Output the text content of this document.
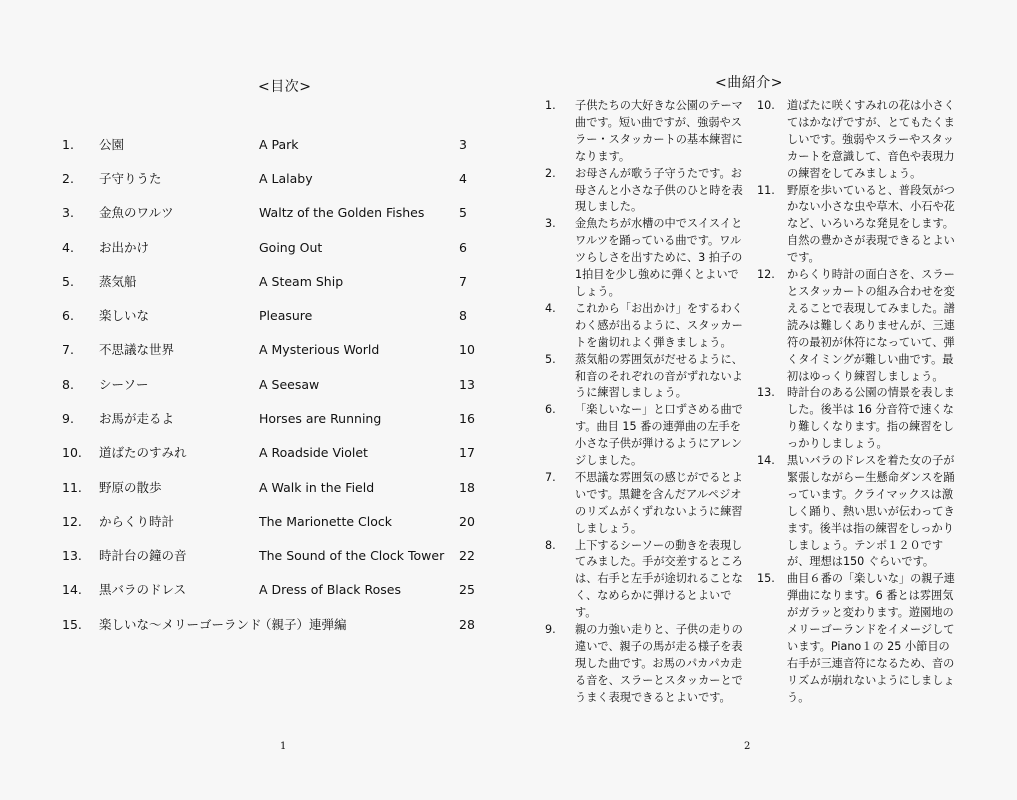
<目次>
1. 公園	A Park	3
2. 子守りうた	A Lalaby	4
3. 金魚のワルツ	Waltz of the Golden Fishes	5
4. お出かけ	Going Out	6
5. 蒸気船	A Steam Ship	7
6. 楽しいな	Pleasure	8
7. 不思議な世界	A Mysterious World	10
8. シーソー	A Seesaw	13
9. お馬が走るよ	Horses are Running	16
10. 道ばたのすみれ	A Roadside Violet	17
11. 野原の散歩	A Walk in the Field	18
12. からくり時計	The Marionette Clock	20
13. 時計台の鐘の音	The Sound of the Clock Tower 22
14. 黒バラのドレス	A Dress of Black Roses	25
15. 楽しいな～メリーゴーランド
（親子）連弾編	28
1
<曲紹介>
2
1. 子供たちの大好きな公園のテーマ曲です。短い曲ですが、強弱やスラー・スタッカートの基本練習になります。
2. お母さんが歌う子守うたです。お母さんと小さな子供のひと時を表現しました。
3. 金魚たちが水槽の中でスイスイとワルツを踊っている曲です。ワルツらしさを出すために、3 拍子の1拍目を少し強めに弾くとよいでしょう。
4. これから「お出かけ」をするわくわく感が出るように、スタッカートを歯切れよく弾きましょう。
5. 蒸気船の雰囲気がだせるように、和音のそれぞれの音がずれないように練習しましょう。
6. 「楽しいなー」と口ずさめる曲です。曲目 15 番の連弾曲の左手を小さな子供が弾けるようにアレンジしました。
7. 不思議な雰囲気の感じがでるとよいです。黒鍵を含んだアルペジオのリズムがくずれないように練習しましょう。
8. 上下するシーソーの動きを表現してみました。手が交差するところは、右手と左手が途切れることなく、なめらかに弾けるとよいです。
9. 親の力強い走りと、子供の走りの違いで、親子の馬が走る様子を表現した曲です。お馬のパカパカ走る音を、スラーとスタッカーとでうまく表現できるとよいです。
10. 道ばたに咲くすみれの花は小さくてはかなげですが、とてもたくましいです。強弱やスラーやスタッカートを意識して、音色や表現力の練習をしてみましょう。
11. 野原を歩いていると、普段気がつかない小さな虫や草木、小石や花など、いろいろな発見をします。自然の豊かさが表現できるとよいです。
12. からくり時計の面白さを、スラーとスタッカートの組み合わせを変えることで表現してみました。譜読みは難しくありませんが、三連符の最初が休符になっていて、弾くタイミングが難しい曲です。最初はゆっくり練習しましょう。
13. 時計台のある公園の情景を表しました。後半は 16 分音符で速くなり難しくなります。指の練習をしっかりしましょう。
14. 黒いバラのドレスを着た女の子が緊張しながらー生懸命ダンスを踊っています。クライマックスは激しく踊り、熱い思いが伝わってきます。後半は指の練習をしっかりしましょう。テンポ１２０ですが、理想は150 ぐらいです。
15. 曲目６番の「楽しいな」の親子連弾曲になります。6 番とは雰囲気がガラッと変わります。遊園地のメリーゴーランドをイメージしています。Piano１の 25 小節目の右手が三連音符になるため、音のリズムが崩れないようにしましょう。
